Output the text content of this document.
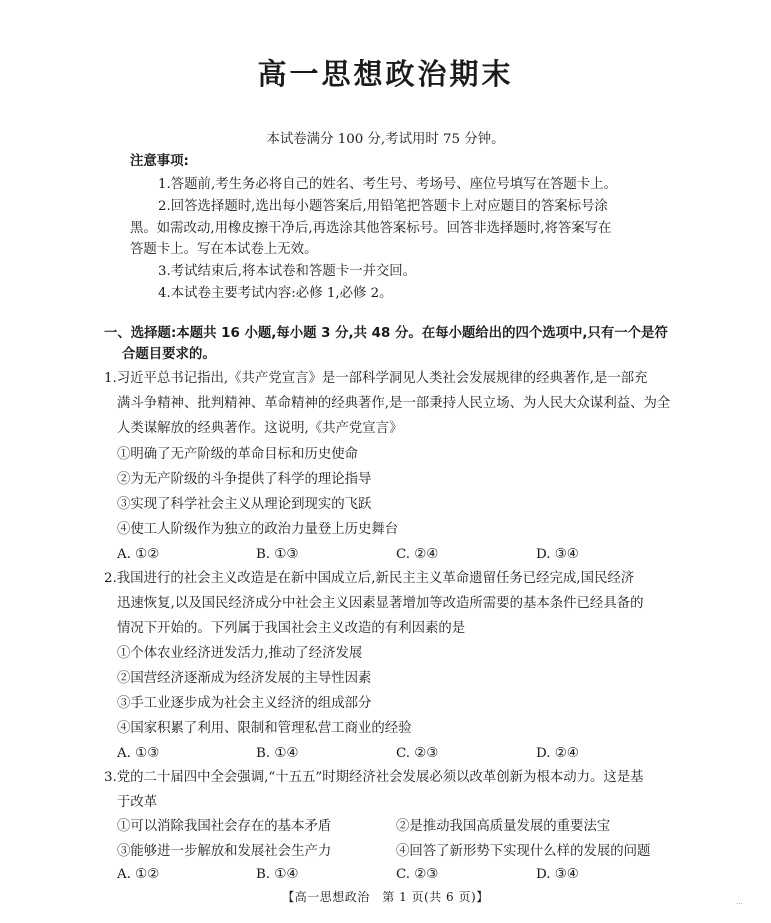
高一思想政治期末
本试卷满分 100 分,考试用时 75 分钟。
注意事项:
1.答题前,考生务必将自己的姓名、考生号、考场号、座位号填写在答题卡上。
2.回答选择题时,选出每小题答案后,用铅笔把答题卡上对应题目的答案标号涂
黑。如需改动,用橡皮擦干净后,再选涂其他答案标号。回答非选择题时,将答案写在
答题卡上。写在本试卷上无效。
3.考试结束后,将本试卷和答题卡一并交回。
4.本试卷主要考试内容:必修 1,必修 2。
一、选择题:本题共 16 小题,每小题 3 分,共 48 分。在每小题给出的四个选项中,只有一个是符
合题目要求的。
1.习近平总书记指出,《共产党宣言》是一部科学洞见人类社会发展规律的经典著作,是一部充
满斗争精神、批判精神、革命精神的经典著作,是一部秉持人民立场、为人民大众谋利益、为全
人类谋解放的经典著作。这说明,《共产党宣言》
①明确了无产阶级的革命目标和历史使命
②为无产阶级的斗争提供了科学的理论指导
③实现了科学社会主义从理论到现实的飞跃
④使工人阶级作为独立的政治力量登上历史舞台
A. ①②	B. ①③	C. ②④	D. ③④
2.我国进行的社会主义改造是在新中国成立后,新民主主义革命遗留任务已经完成,国民经济
迅速恢复,以及国民经济成分中社会主义因素显著增加等改造所需要的基本条件已经具备的
情况下开始的。下列属于我国社会主义改造的有利因素的是
①个体农业经济迸发活力,推动了经济发展
②国营经济逐渐成为经济发展的主导性因素
③手工业逐步成为社会主义经济的组成部分
④国家积累了利用、限制和管理私营工商业的经验
A. ①③	B. ①④	C. ②③	D. ②④
3.党的二十届四中全会强调,“十五五”时期经济社会发展必须以改革创新为根本动力。这是基
于改革
①可以消除我国社会存在的基本矛盾	②是推动我国高质量发展的重要法宝
③能够进一步解放和发展社会生产力	④回答了新形势下实现什么样的发展的问题
A. ①②	B. ①④	C. ②③	D. ③④
【高一思想政治　第 1 页(共 6 页)】	...
